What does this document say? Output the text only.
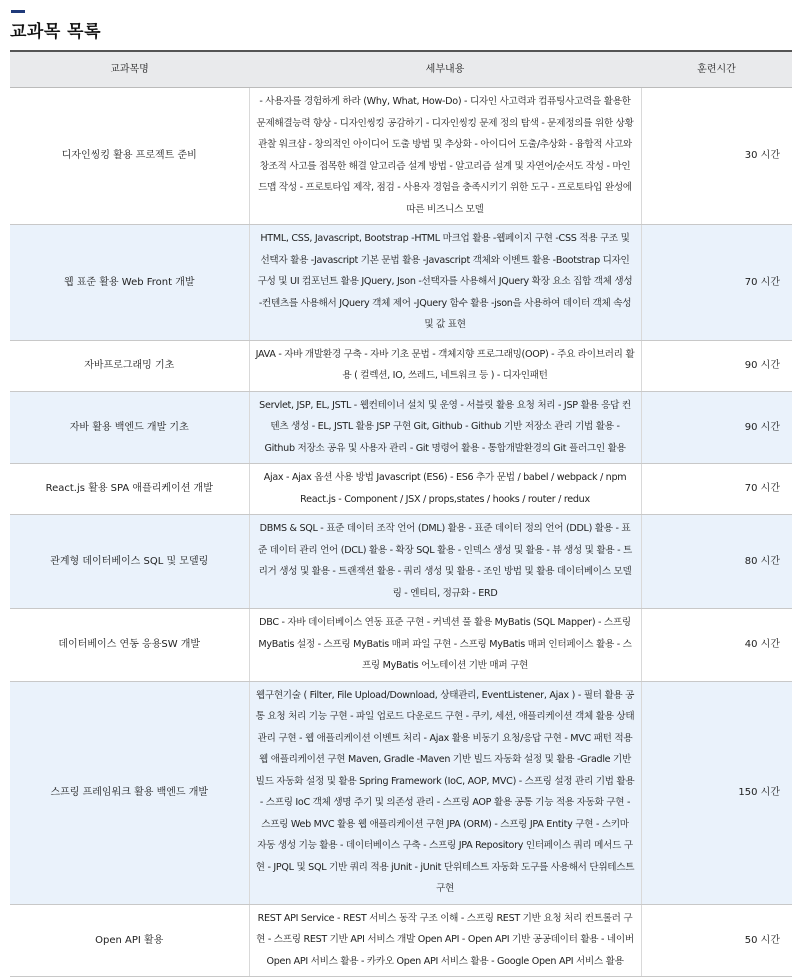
교과목 목록
교과목명	세부내용	훈련시간
디자인씽킹 활용 프로젝트 준비	- 사용자를 경험하게 하라 (Why, What, How-Do) - 디자인 사고력과 컴퓨팅사고력을 활용한 문제해결능력 향상 - 디자인씽킹 공감하기 - 디자인씽킹 문제 정의 탐색 - 문제정의를 위한 상황 관찰 워크샵 - 창의적인 아이디어 도출 방법 및 추상화 - 아이디어 도출/추상화 - 융합적 사고와 창조적 사고를 접목한 해결 알고리즘 설계 방법 - 알고리즘 설계 및 자연어/순서도 작성 - 마인드맵 작성 - 프로토타입 제작, 점검 - 사용자 경험을 충족시키기 위한 도구 - 프로토타입 완성에 따른 비즈니스 모델	30 시간
웹 표준 활용 Web Front 개발	HTML, CSS, Javascript, Bootstrap -HTML 마크업 활용 -웹페이지 구현 -CSS 적용 구조 및 선택자 활용 -Javascript 기본 문법 활용 -Javascript 객체와 이벤트 활용 -Bootstrap 디자인 구성 및 UI 컴포넌트 활용 JQuery, Json -선택자를 사용해서 JQuery 확장 요소 집합 객체 생성 -컨텐츠를 사용해서 JQuery 객체 제어 -JQuery 함수 활용 -json을 사용하여 데이터 객체 속성 및 값 표현	70 시간
자바프로그래밍 기초	JAVA - 자바 개발환경 구축 - 자바 기초 문법 - 객체지향 프로그래밍(OOP) - 주요 라이브러리 활용 ( 컬렉션, IO, 쓰레드, 네트워크 등 ) - 디자인패턴	90 시간
자바 활용 백엔드 개발 기초	Servlet, JSP, EL, JSTL - 웹컨테이너 설치 및 운영 - 서블릿 활용 요청 처리 - JSP 활용 응답 컨텐츠 생성 - EL, JSTL 활용 JSP 구현 Git, Github - Github 기반 저장소 관리 기법 활용 - Github 저장소 공유 및 사용자 관리 - Git 명령어 활용 - 통합개발환경의 Git 플러그인 활용	90 시간
React.js 활용 SPA 애플리케이션 개발	Ajax - Ajax 옵션 사용 방법 Javascript (ES6) - ES6 추가 문법 / babel / webpack / npm React.js - Component / JSX / props,states / hooks / router / redux	70 시간
관계형 데이터베이스 SQL 및 모델링	DBMS & SQL - 표준 데이터 조작 언어 (DML) 활용 - 표준 데이터 정의 언어 (DDL) 활용 - 표준 데이터 관리 언어 (DCL) 활용 - 확장 SQL 활용 - 인덱스 생성 및 활용 - 뷰 생성 및 활용 - 트리거 생성 및 활용 - 트랜잭션 활용 - 쿼리 생성 및 활용 - 조인 방법 및 활용 데이터베이스 모델링 - 엔티티, 정규화 - ERD	80 시간
데이터베이스 연동 응용SW 개발	DBC - 자바 데이터베이스 연동 표준 구현 - 커넥션 풀 활용 MyBatis (SQL Mapper) - 스프링 MyBatis 설정 - 스프링 MyBatis 매퍼 파일 구현 - 스프링 MyBatis 매퍼 인터페이스 활용 - 스프링 MyBatis 어노테이션 기반 매퍼 구현	40 시간
스프링 프레임워크 활용 백엔드 개발	웹구현기술 ( Filter, File Upload/Download, 상태관리, EventListener, Ajax ) - 필터 활용 공통 요청 처리 기능 구현 - 파일 업로드 다운로드 구현 - 쿠키, 세션, 애플리케이션 객체 활용 상태관리 구현 - 웹 애플리케이션 이벤트 처리 - Ajax 활용 비동기 요청/응답 구현 - MVC 패턴 적용 웹 애플리케이션 구현 Maven, Gradle -Maven 기반 빌드 자동화 설정 및 활용 -Gradle 기반 빌드 자동화 설정 및 활용 Spring Framework (IoC, AOP, MVC) - 스프링 설정 관리 기법 활용 - 스프링 IoC 객체 생명 주기 및 의존성 관리 - 스프링 AOP 활용 공통 기능 적용 자동화 구현 - 스프링 Web MVC 활용 웹 애플리케이션 구현 JPA (ORM) - 스프링 JPA Entity 구현 - 스키마 자동 생성 기능 활용 - 데이터베이스 구축 - 스프링 JPA Repository 인터페이스 쿼리 메서드 구현 - JPQL 및 SQL 기반 쿼리 적용 jUnit - jUnit 단위테스트 자동화 도구를 사용해서 단위테스트 구현	150 시간
Open API 활용	REST API Service - REST 서비스 동작 구조 이해 - 스프링 REST 기반 요청 처리 컨트롤러 구현 - 스프링 REST 기반 API 서비스 개발 Open API - Open API 기반 공공데이터 활용 - 네이버 Open API 서비스 활용 - 카카오 Open API 서비스 활용 - Google Open API 서비스 활용	50 시간
